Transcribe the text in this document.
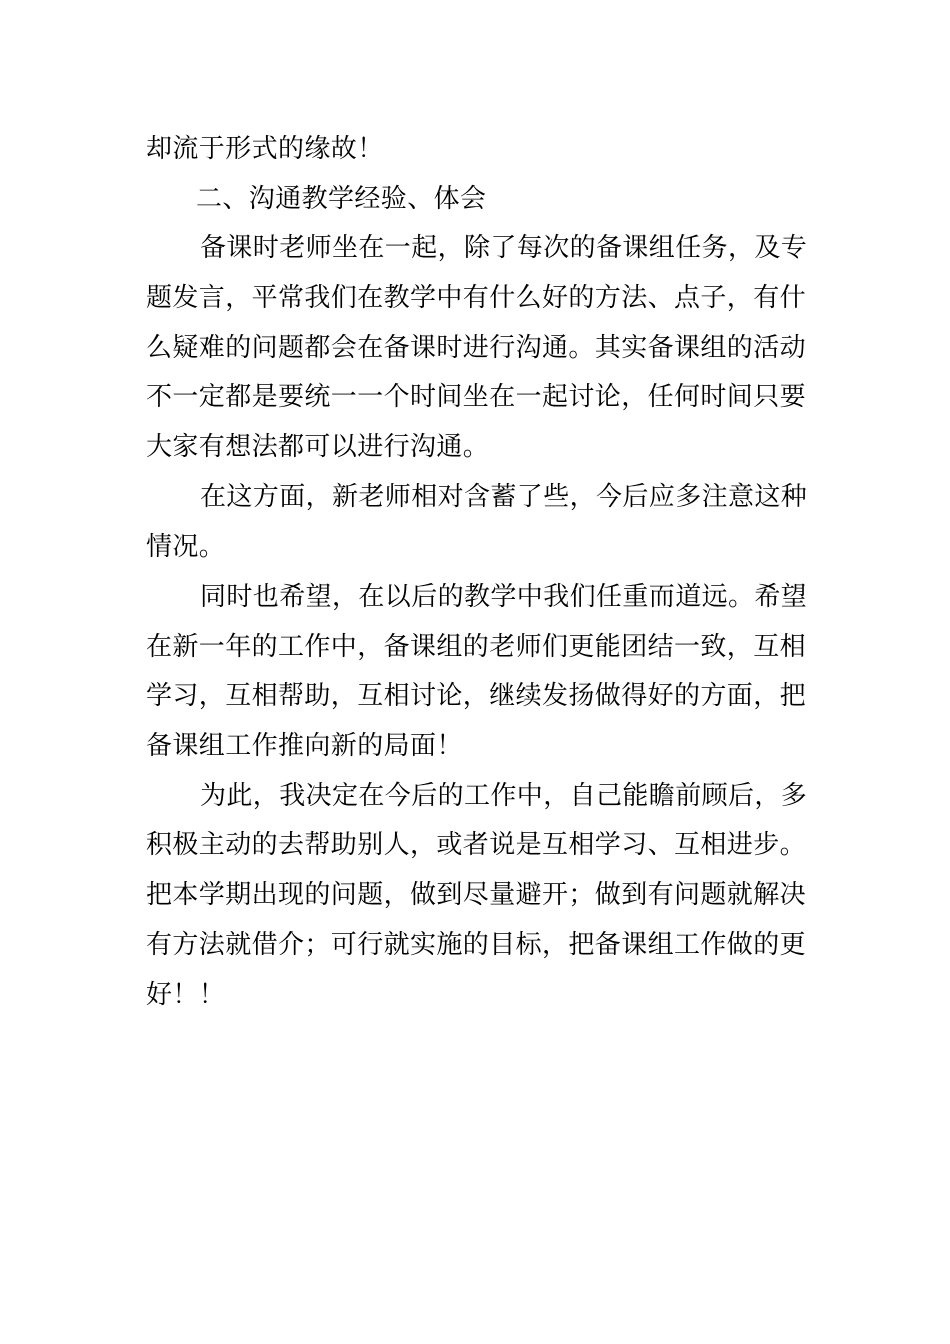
却流于形式的缘故！
二、沟通教学经验、体会
备课时老师坐在一起，除了每次的备课组任务，及专
题发言，平常我们在教学中有什么好的方法、点子，有什
么疑难的问题都会在备课时进行沟通。其实备课组的活动
不一定都是要统一一个时间坐在一起讨论，任何时间只要
大家有想法都可以进行沟通。
在这方面，新老师相对含蓄了些，今后应多注意这种
情况。
同时也希望，在以后的教学中我们任重而道远。希望
在新一年的工作中，备课组的老师们更能团结一致，互相
学习，互相帮助，互相讨论，继续发扬做得好的方面，把
备课组工作推向新的局面！
为此，我决定在今后的工作中，自己能瞻前顾后，多
积极主动的去帮助别人，或者说是互相学习、互相进步。
把本学期出现的问题，做到尽量避开；做到有问题就解决
有方法就借介；可行就实施的目标，把备课组工作做的更
好！！
